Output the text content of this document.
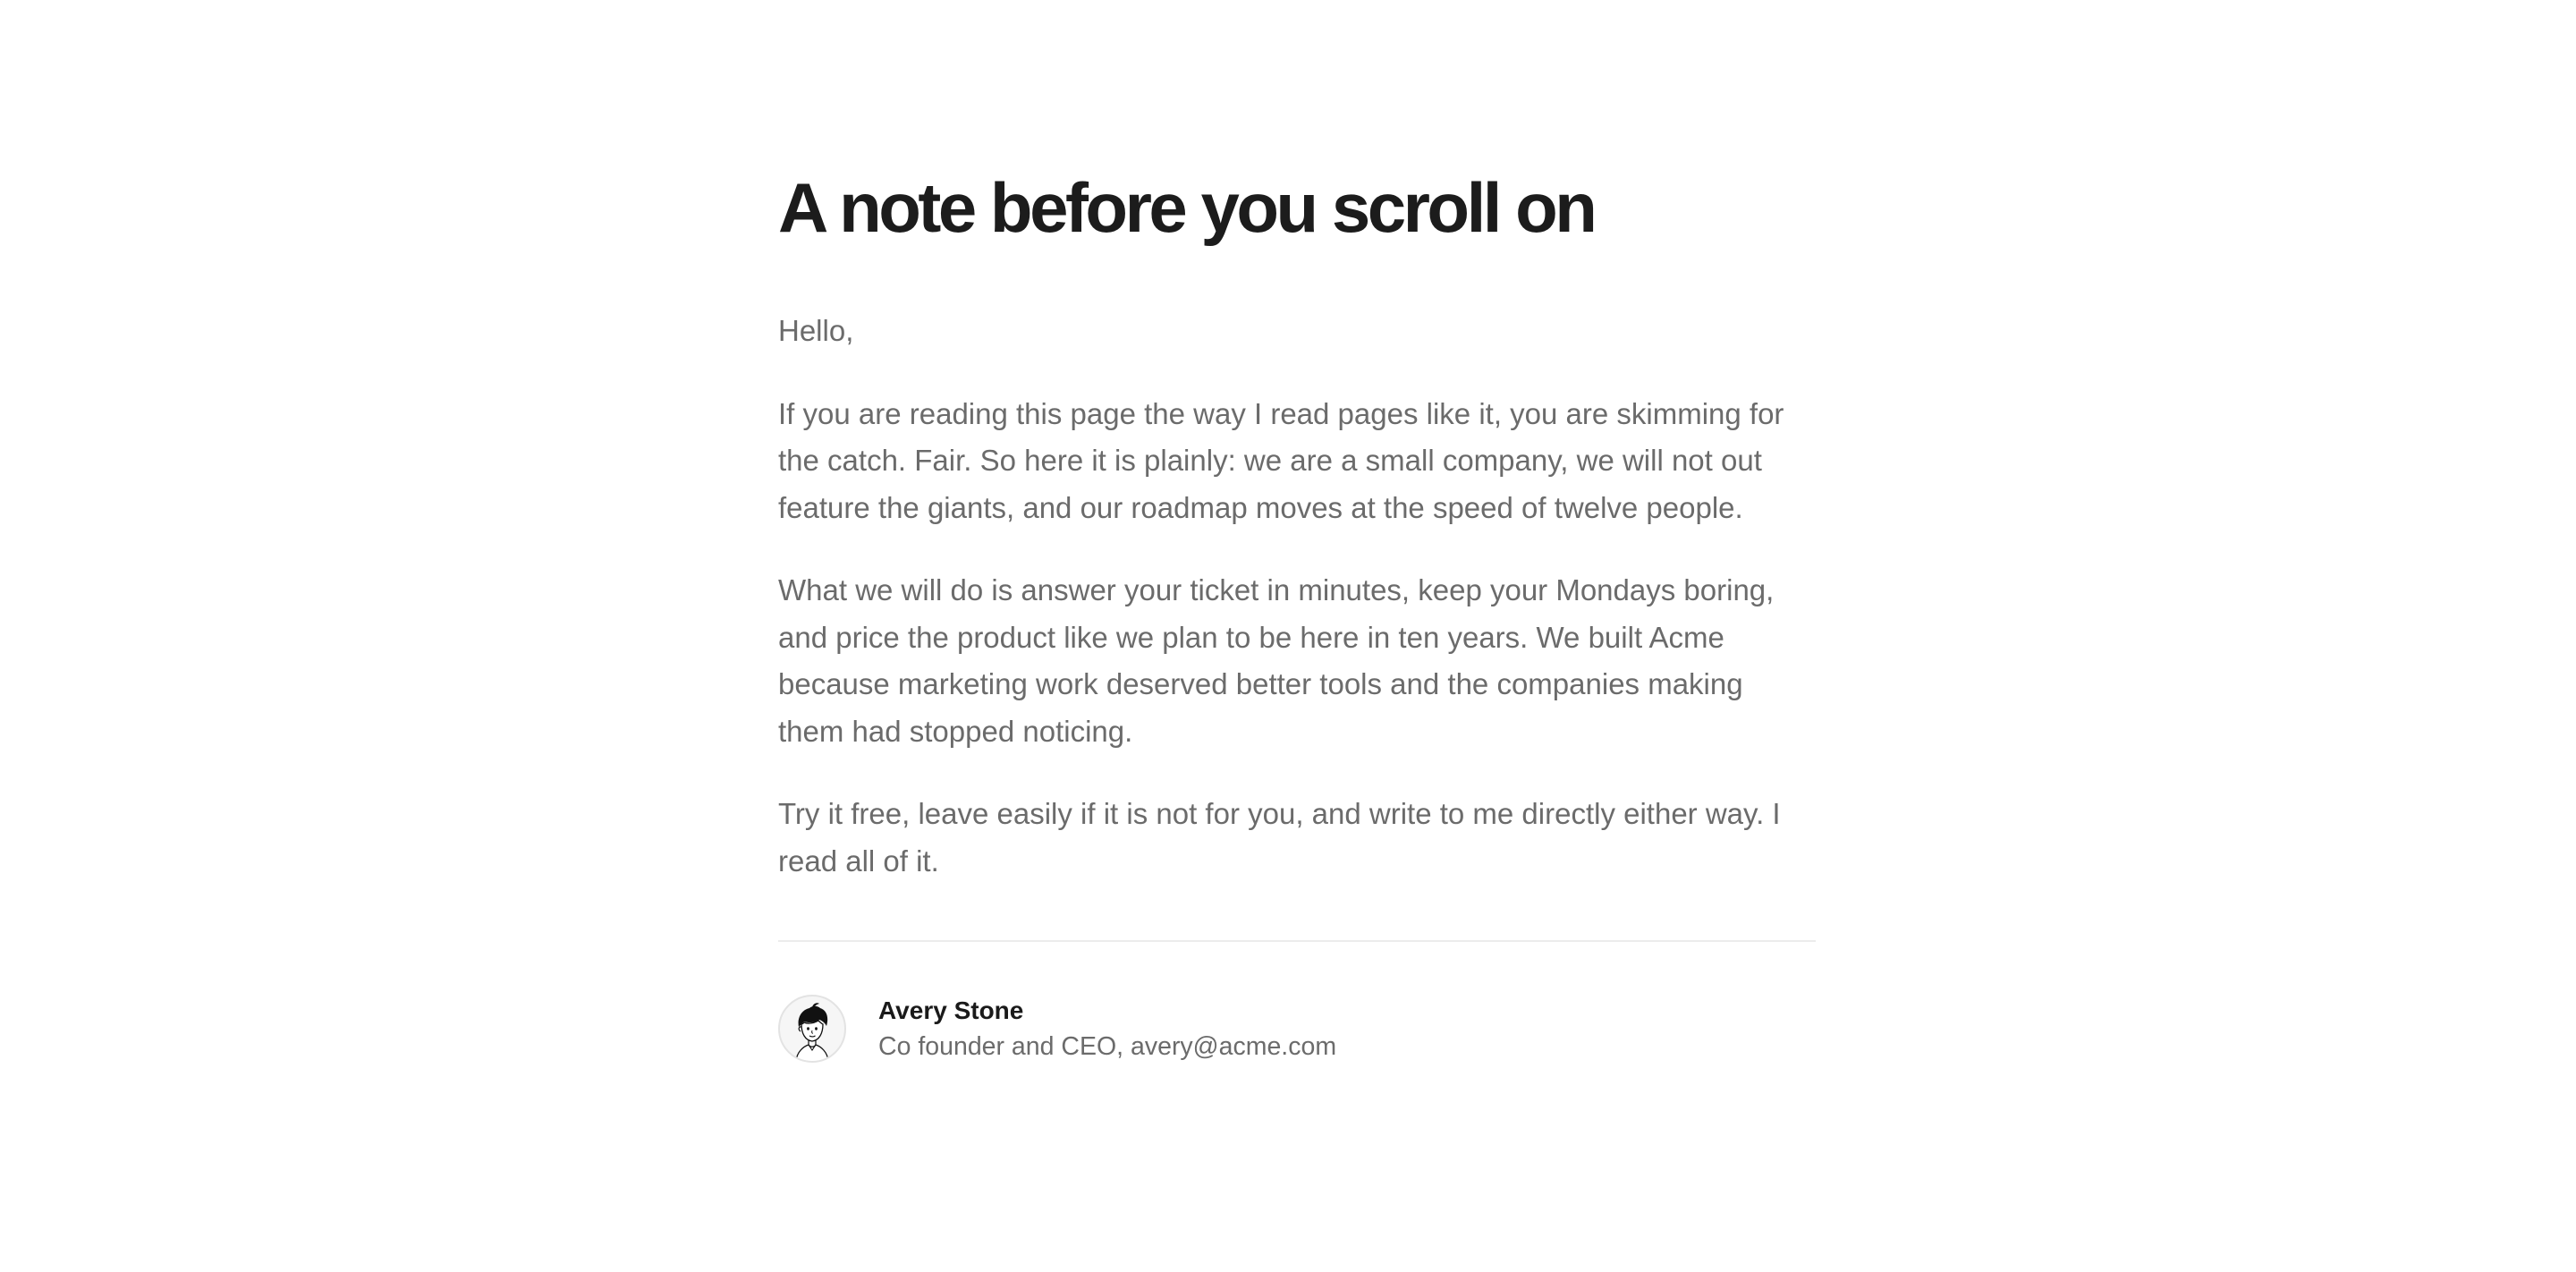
A note before you scroll on

Hello,

If you are reading this page the way I read pages like it, you are skimming for the catch. Fair. So here it is plainly: we are a small company, we will not out feature the giants, and our roadmap moves at the speed of twelve people.

What we will do is answer your ticket in minutes, keep your Mondays boring, and price the product like we plan to be here in ten years. We built Acme because marketing work deserved better tools and the companies making them had stopped noticing.

Try it free, leave easily if it is not for you, and write to me directly either way. I read all of it.

Avery Stone
Co founder and CEO, avery@acme.com
